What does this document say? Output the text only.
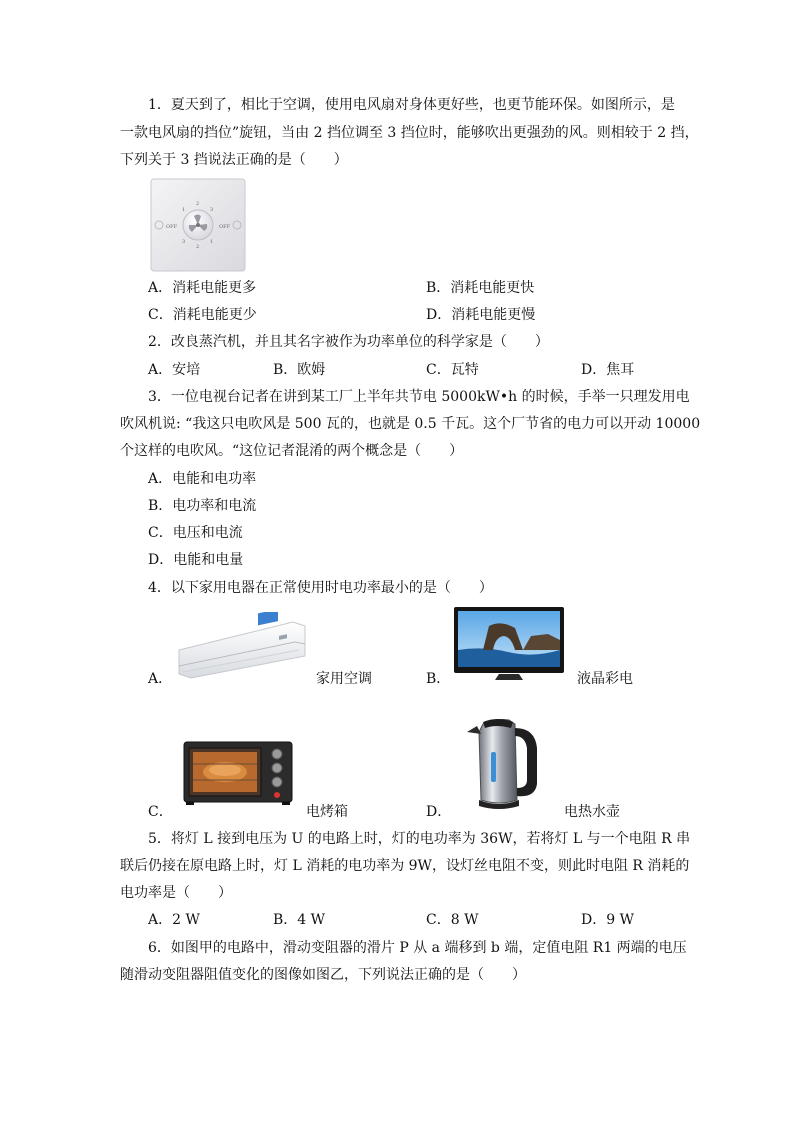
1．夏天到了，相比于空调，使用电风扇对身体更好些，也更节能环保。如图所示，是
一款电风扇的挡位”旋钮，当由 2 挡位调至 3 挡位时，能够吹出更强劲的风。则相较于 2 挡，
下列关于 3 挡说法正确的是（　　）
OFF	OFF
2
1	3
3	1
2
A．消耗电能更多	B．消耗电能更快
C．消耗电能更少	D．消耗电能更慢
2．改良蒸汽机，并且其名字被作为功率单位的科学家是（　　）
A．安培	B．欧姆	C．瓦特	D．焦耳
3．一位电视台记者在讲到某工厂上半年共节电 5000kW•h 的时候，手举一只理发用电
吹风机说: “我这只电吹风是 500 瓦的，也就是 0.5 千瓦。这个厂节省的电力可以开动 10000
个这样的电吹风。“这位记者混淆的两个概念是（　　）
A．电能和电功率
B．电功率和电流
C．电压和电流
D．电能和电量
4．以下家用电器在正常使用时电功率最小的是（　　）
A．	家用空调	B．	液晶彩电
C．	电烤箱	D．	电热水壶
5．将灯 L 接到电压为 U 的电路上时，灯的电功率为 36W，若将灯 L 与一个电阻 R 串
联后仍接在原电路上时，灯 L 消耗的电功率为 9W，设灯丝电阻不变，则此时电阻 R 消耗的
电功率是（　　）
A．2 W	B．4 W	C．8 W	D．9 W
6．如图甲的电路中，滑动变阻器的滑片 P 从 a 端移到 b 端，定值电阻 R1 两端的电压
随滑动变阻器阻值变化的图像如图乙，下列说法正确的是（　　）
